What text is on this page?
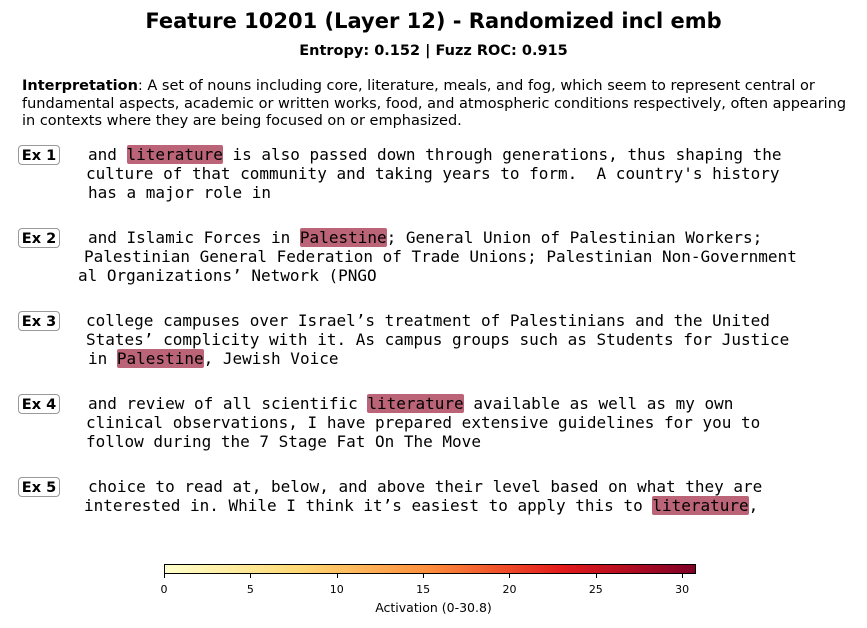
Feature 10201 (Layer 12) - Randomized incl emb
Entropy: 0.152 | Fuzz ROC: 0.915
Interpretation: A set of nouns including core, literature, meals, and fog, which seem to represent central or fundamental aspects, academic or written works, food, and atmospheric conditions respectively, often appearing in contexts where they are being focused on or emphasized.
Ex 1 and literature is also passed down through generations, thus shaping the
culture of that community and taking years to form.  A country's history
has a major role in
Ex 2 and Islamic Forces in Palestine; General Union of Palestinian Workers;
Palestinian General Federation of Trade Unions; Palestinian Non-Government
al Organizations’ Network (PNGO
Ex 3 college campuses over Israel’s treatment of Palestinians and the United
States’ complicity with it. As campus groups such as Students for Justice
in Palestine, Jewish Voice
Ex 4 and review of all scientific literature available as well as my own
clinical observations, I have prepared extensive guidelines for you to
follow during the 7 Stage Fat On The Move
Ex 5 choice to read at, below, and above their level based on what they are
interested in. While I think it’s easiest to apply this to literature,
0	5	10	15	20	25	30
Activation (0-30.8)
